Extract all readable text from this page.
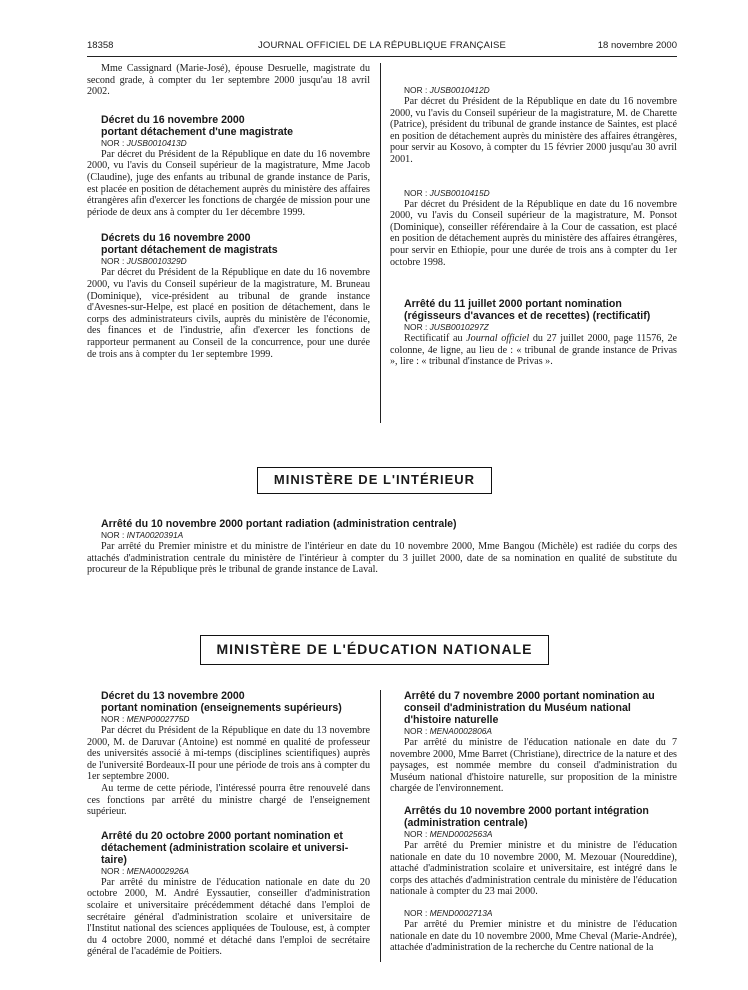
18358	JOURNAL OFFICIEL DE LA RÉPUBLIQUE FRANÇAISE	18 novembre 2000

Mme Cassignard (Marie-José), épouse Desruelle, magistrate du second grade, à compter du 1er septembre 2000 jusqu'au 18 avril 2002.

Décret du 16 novembre 2000

portant détachement d'une magistrate

NOR : JUSB0010413D

Par décret du Président de la République en date du 16 novembre 2000, vu l'avis du Conseil supérieur de la magistrature, Mme Jacob (Claudine), juge des enfants au tribunal de grande instance de Paris, est placée en position de détachement auprès du ministère des affaires étrangères afin d'exercer les fonctions de chargée de mission pour une période de deux ans à compter du 1er décembre 1999.

Décrets du 16 novembre 2000

portant détachement de magistrats

NOR : JUSB0010329D

Par décret du Président de la République en date du 16 novembre 2000, vu l'avis du Conseil supérieur de la magistrature, M. Bruneau (Dominique), vice-président au tribunal de grande instance d'Avesnes-sur-Helpe, est placé en position de détachement, dans le corps des administrateurs civils, auprès du ministère de l'économie, des finances et de l'industrie, afin d'exercer les fonctions de rapporteur permanent au Conseil de la concurrence, pour une durée de trois ans à compter du 1er septembre 1999.

NOR : JUSB0010412D

Par décret du Président de la République en date du 16 novembre 2000, vu l'avis du Conseil supérieur de la magistrature, M. de Charette (Patrice), président du tribunal de grande instance de Saintes, est placé en position de détachement auprès du ministère des affaires étrangères, pour servir au Kosovo, à compter du 15 février 2000 jusqu'au 30 avril 2001.

NOR : JUSB0010415D

Par décret du Président de la République en date du 16 novembre 2000, vu l'avis du Conseil supérieur de la magistrature, M. Ponsot (Dominique), conseiller référendaire à la Cour de cassation, est placé en position de détachement auprès du ministère des affaires étrangères, pour servir en Ethiopie, pour une durée de trois ans à compter du 1er octobre 1998.

Arrêté du 11 juillet 2000 portant nomination

(régisseurs d'avances et de recettes) (rectificatif)

NOR : JUSB0010297Z

Rectificatif au Journal officiel du 27 juillet 2000, page 11576, 2e colonne, 4e ligne, au lieu de : « tribunal de grande instance de Privas », lire : « tribunal d'instance de Privas ».

MINISTÈRE DE L'INTÉRIEUR

Arrêté du 10 novembre 2000 portant radiation (administration centrale)

NOR : INTA0020391A

Par arrêté du Premier ministre et du ministre de l'intérieur en date du 10 novembre 2000, Mme Bangou (Michèle) est radiée du corps des attachés d'administration centrale du ministère de l'intérieur à compter du 3 juillet 2000, date de sa nomination en qualité de substitute du procureur de la République près le tribunal de grande instance de Laval.

MINISTÈRE DE L'ÉDUCATION NATIONALE

Décret du 13 novembre 2000

portant nomination (enseignements supérieurs)

NOR : MENP0002775D

Par décret du Président de la République en date du 13 novembre 2000, M. de Daruvar (Antoine) est nommé en qualité de professeur des universités associé à mi-temps (disciplines scientifiques) auprès de l'université Bordeaux-II pour une période de trois ans à compter du 1er septembre 2000.

Au terme de cette période, l'intéressé pourra être renouvelé dans ces fonctions par arrêté du ministre chargé de l'enseignement supérieur.

Arrêté du 20 octobre 2000 portant nomination et

détachement (administration scolaire et universi-

taire)

NOR : MENA0002926A

Par arrêté du ministre de l'éducation nationale en date du 20 octobre 2000, M. André Eyssautier, conseiller d'administration scolaire et universitaire précédemment détaché dans l'emploi de secrétaire général d'administration scolaire et universitaire de l'Institut national des sciences appliquées de Toulouse, est, à compter du 4 octobre 2000, nommé et détaché dans l'emploi de secrétaire général de l'académie de Poitiers.

Arrêté du 7 novembre 2000 portant nomination au

conseil d'administration du Muséum national

d'histoire naturelle

NOR : MENA0002806A

Par arrêté du ministre de l'éducation nationale en date du 7 novembre 2000, Mme Barret (Christiane), directrice de la nature et des paysages, est nommée membre du conseil d'administration du Muséum national d'histoire naturelle, sur proposition de la ministre chargée de l'environnement.

Arrêtés du 10 novembre 2000 portant intégration

(administration centrale)

NOR : MEND0002563A

Par arrêté du Premier ministre et du ministre de l'éducation nationale en date du 10 novembre 2000, M. Mezouar (Noureddine), attaché d'administration scolaire et universitaire, est intégré dans le corps des attachés d'administration centrale du ministère de l'éducation nationale à compter du 23 mai 2000.

NOR : MEND0002713A

Par arrêté du Premier ministre et du ministre de l'éducation nationale en date du 10 novembre 2000, Mme Cheval (Marie-Andrée), attachée d'administration de la recherche du Centre national de la
